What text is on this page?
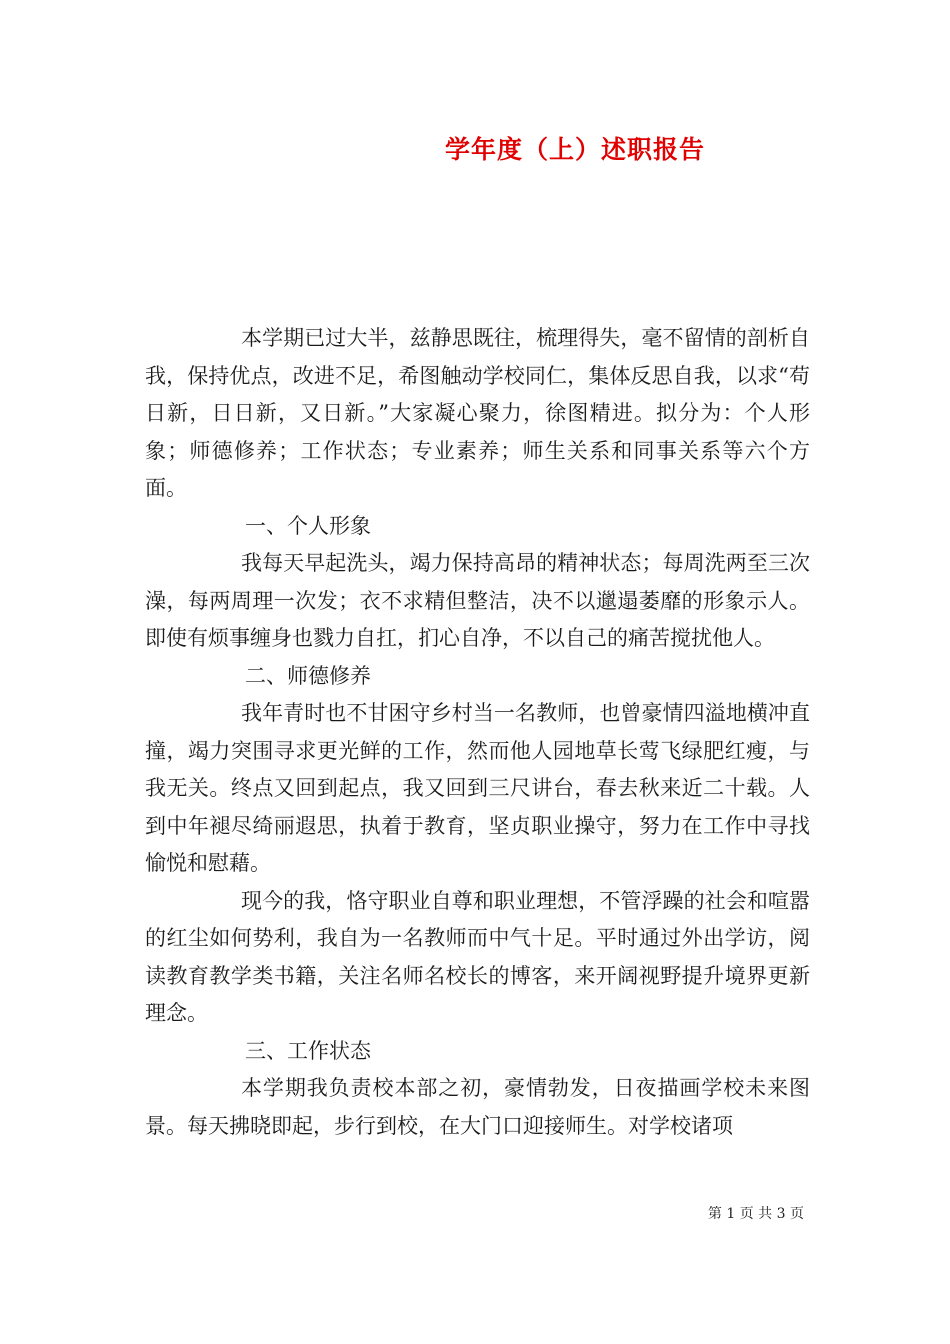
学年度（上）述职报告

本学期已过大半，兹静思既往，梳理得失，毫不留情的剖析自我，保持优点，改进不足，希图触动学校同仁，集体反思自我，以求“苟日新，日日新，又日新。”大家凝心聚力，徐图精进。拟分为：个人形象；师德修养；工作状态；专业素养；师生关系和同事关系等六个方面。

一、个人形象

我每天早起洗头，竭力保持高昂的精神状态；每周洗两至三次澡，每两周理一次发；衣不求精但整洁，决不以邋遢萎靡的形象示人。即使有烦事缠身也戮力自扛，扪心自净，不以自己的痛苦搅扰他人。

二、师德修养

我年青时也不甘困守乡村当一名教师，也曾豪情四溢地横冲直撞，竭力突围寻求更光鲜的工作，然而他人园地草长莺飞绿肥红瘦，与我无关。终点又回到起点，我又回到三尺讲台，春去秋来近二十载。人到中年褪尽绮丽遐思，执着于教育，坚贞职业操守，努力在工作中寻找愉悦和慰藉。

现今的我，恪守职业自尊和职业理想，不管浮躁的社会和喧嚣的红尘如何势利，我自为一名教师而中气十足。平时通过外出学访，阅读教育教学类书籍，关注名师名校长的博客，来开阔视野提升境界更新理念。

三、工作状态

本学期我负责校本部之初，豪情勃发，日夜描画学校未来图景。每天拂晓即起，步行到校，在大门口迎接师生。对学校诸项

第 1 页 共 3 页
